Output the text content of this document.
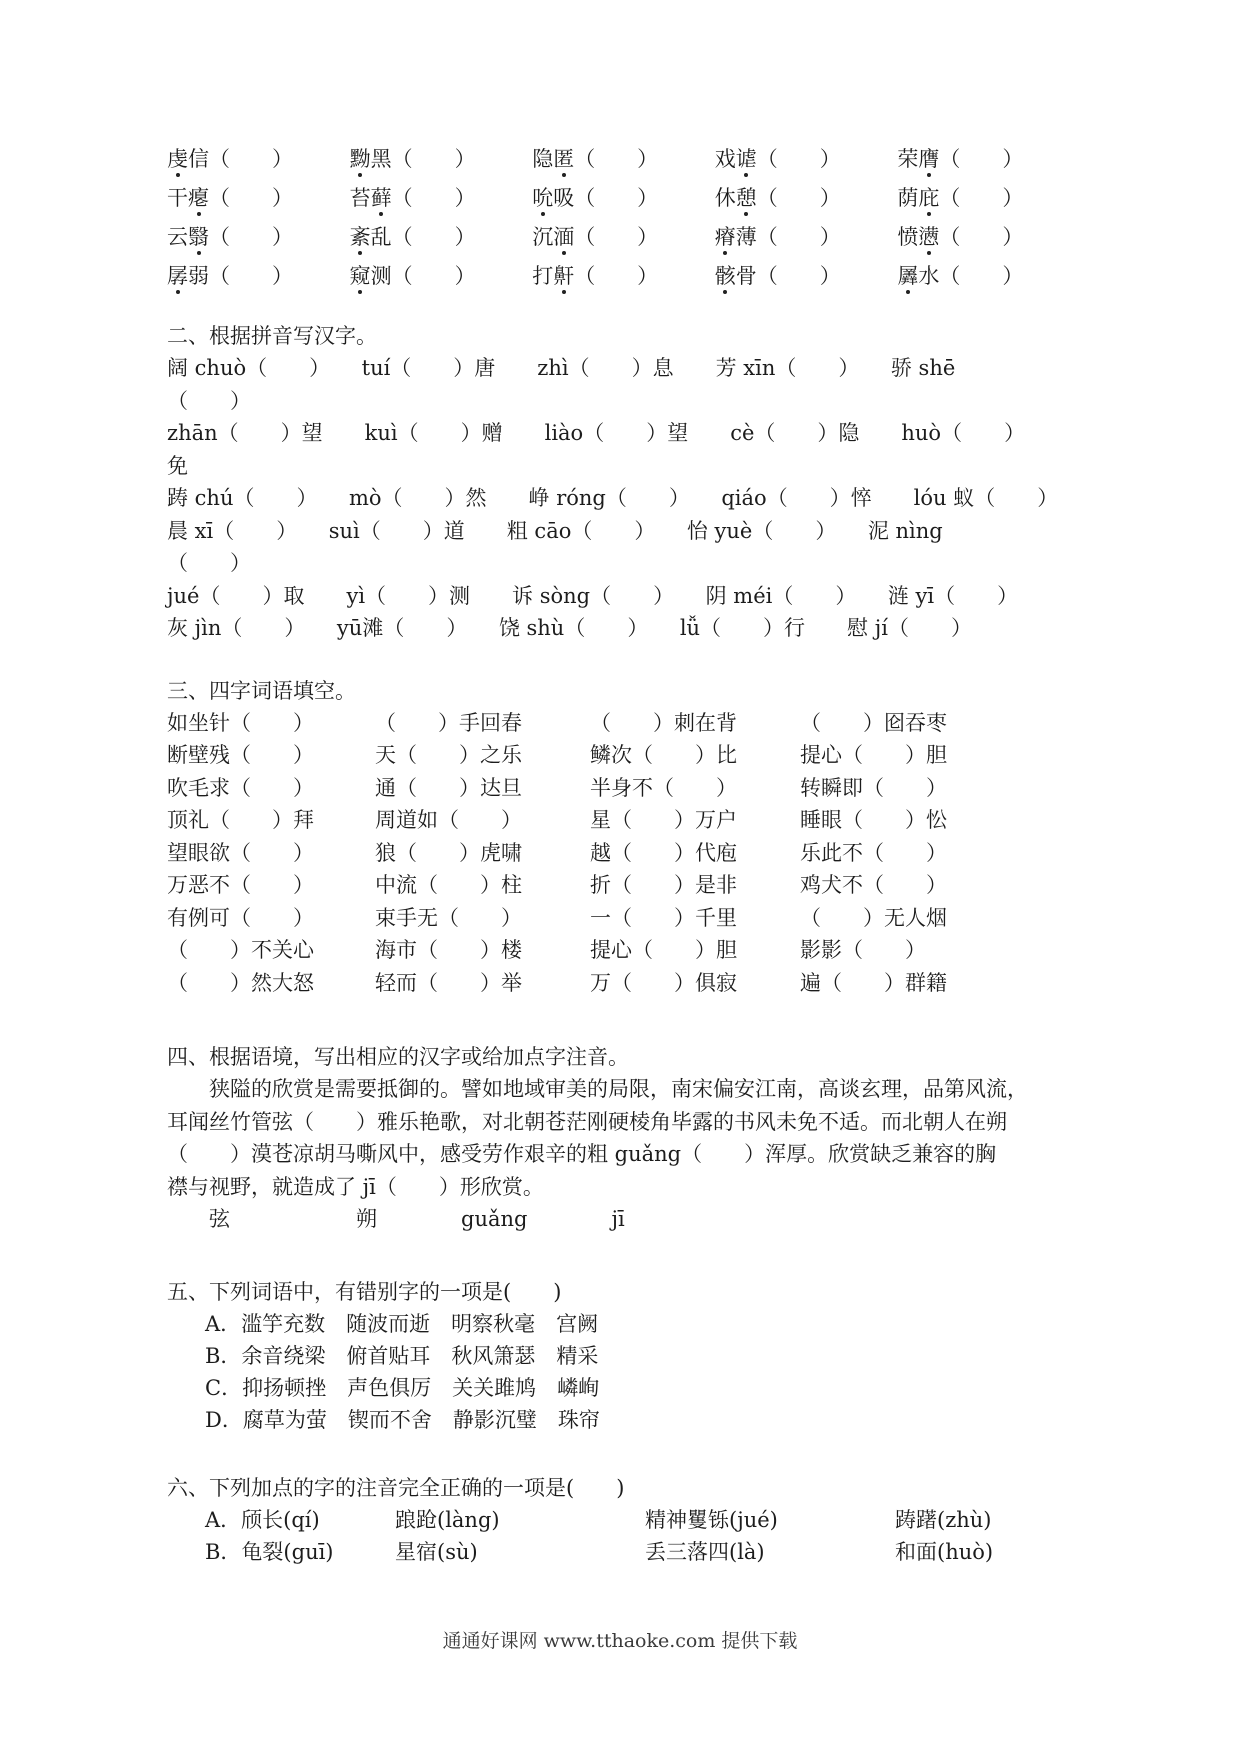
虔信（　　）	黝黑（　　）	隐匿（　　）	戏谑（　　）	荣膺（　　）
干瘪（　　）	苔藓（　　）	吮吸（　　）	休憩（　　）	荫庇（　　）
云翳（　　）	紊乱（　　）	沉湎（　　）	瘠薄（　　）	愤懑（　　）
孱弱（　　）	窥测（　　）	打鼾（　　）	骸骨（　　）	羼水（　　）
二、根据拼音写汉字。
阔 chuò（　　）　　tuí（　　）唐　　zhì（　　）息　　芳 xīn（　　）　　骄 shē
（　　）
zhān（　　）望　　kuì（　　）赠　　liào（　　）望　　cè（　　）隐　　huò（　　）
免
踌 chú（　　）　　mò（　　）然　　峥 róng（　　）　　qiáo（　　）悴　　lóu 蚁（　　）
晨 xī（　　）　　suì（　　）道　　粗 cāo（　　）　　怡 yuè（　　）　　泥 nìng
（　　）
jué（　　）取　　yì（　　）测　　诉 sòng（　　）　　阴 méi（　　）　　涟 yī（　　）
灰 jìn（　　）　　yū滩（　　）　　饶 shù（　　）　　lǚ（　　）行　　慰 jí（　　）
三、四字词语填空。
如坐针（　　）	（　　）手回春	（　　）刺在背	（　　）囵吞枣
断壁残（　　）	天（　　）之乐	鳞次（　　）比	提心（　　）胆
吹毛求（　　）	通（　　）达旦	半身不（　　）	转瞬即（　　）
顶礼（　　）拜	周道如（　　）	星（　　）万户	睡眼（　　）忪
望眼欲（　　）	狼（　　）虎啸	越（　　）代庖	乐此不（　　）
万恶不（　　）	中流（　　）柱	折（　　）是非	鸡犬不（　　）
有例可（　　）	束手无（　　）	一（　　）千里	（　　）无人烟
（　　）不关心	海市（　　）楼	提心（　　）胆	影影（　　）
（　　）然大怒	轻而（　　）举	万（　　）俱寂	遍（　　）群籍
四、根据语境，写出相应的汉字或给加点字注音。
　　狭隘的欣赏是需要抵御的。譬如地域审美的局限，南宋偏安江南，高谈玄理，品第风流，
耳闻丝竹管弦（　　）雅乐艳歌，对北朝苍茫刚硬棱角毕露的书风未免不适。而北朝人在朔
（　　）漠苍凉胡马嘶风中，感受劳作艰辛的粗 guǎng（　　）浑厚。欣赏缺乏兼容的胸
襟与视野，就造成了 jī（　　）形欣赏。
　　弦　　　　　　朔　　　　guǎng　　　　jī
五、下列词语中，有错别字的一项是(　　)
A．滥竽充数　随波而逝　明察秋毫　宫阙
B．余音绕梁　俯首贴耳　秋风箫瑟　精采
C．抑扬顿挫　声色俱厉　关关雎鸠　嶙峋
D．腐草为萤　锲而不舍　静影沉璧　珠帘
六、下列加点的字的注音完全正确的一项是(　　)
A．颀长(qí)	踉跄(làng)	精神矍铄(jué)	踌躇(zhù)
B．龟裂(guī)	星宿(sù)	丢三落四(là)	和面(huò)
通通好课网 www.tthaoke.com 提供下载
